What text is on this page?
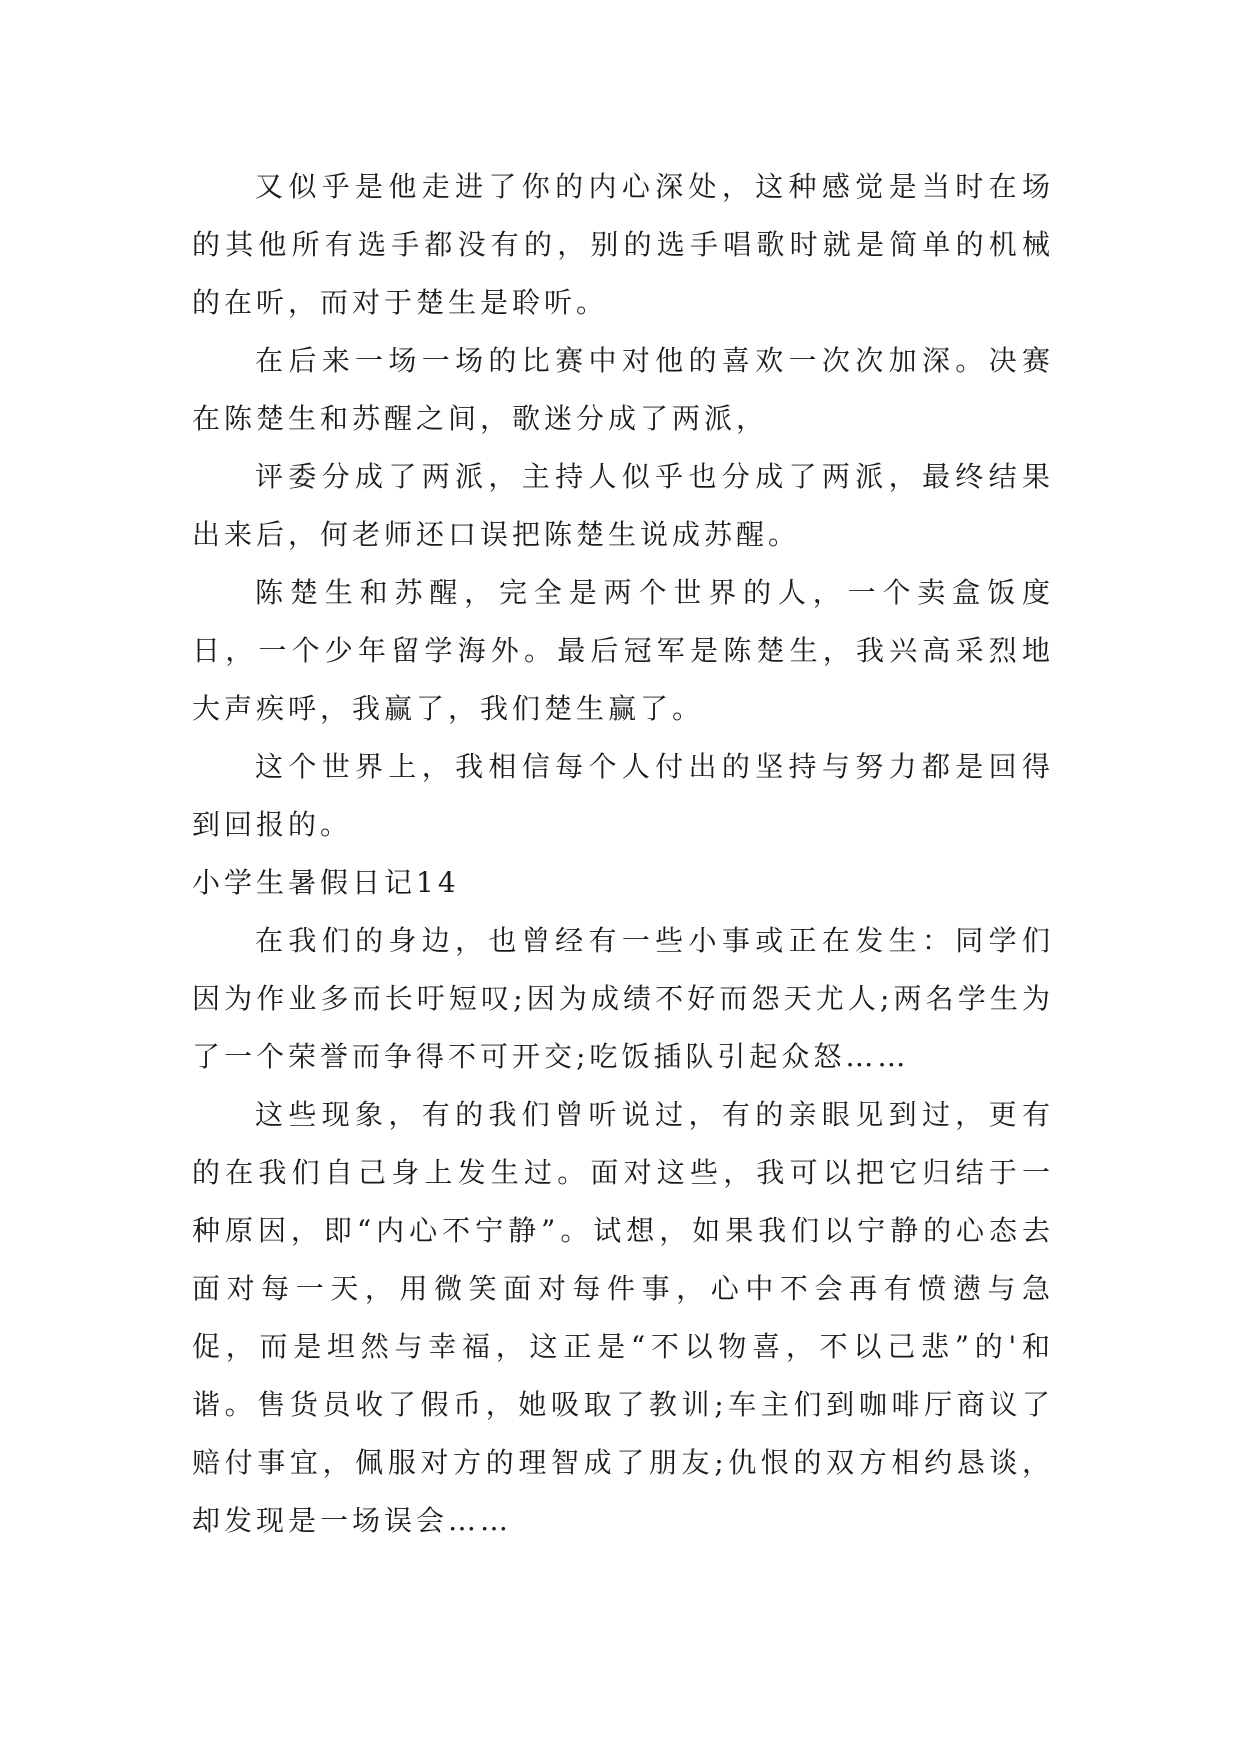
又似乎是他走进了你的内心深处，这种感觉是当时在场的其他所有选手都没有的，别的选手唱歌时就是简单的机械的在听，而对于楚生是聆听。

在后来一场一场的比赛中对他的喜欢一次次加深。决赛在陈楚生和苏醒之间，歌迷分成了两派，

评委分成了两派，主持人似乎也分成了两派，最终结果出来后，何老师还口误把陈楚生说成苏醒。

陈楚生和苏醒，完全是两个世界的人，一个卖盒饭度日，一个少年留学海外。最后冠军是陈楚生，我兴高采烈地大声疾呼，我赢了，我们楚生赢了。

这个世界上，我相信每个人付出的坚持与努力都是回得到回报的。

小学生暑假日记14

在我们的身边，也曾经有一些小事或正在发生：同学们因为作业多而长吁短叹;因为成绩不好而怨天尤人;两名学生为了一个荣誉而争得不可开交;吃饭插队引起众怒……

这些现象，有的我们曾听说过，有的亲眼见到过，更有的在我们自己身上发生过。面对这些，我可以把它归结于一种原因，即“内心不宁静”。试想，如果我们以宁静的心态去面对每一天，用微笑面对每件事，心中不会再有愤懑与急促，而是坦然与幸福，这正是“不以物喜，不以己悲”的'和谐。售货员收了假币，她吸取了教训;车主们到咖啡厅商议了赔付事宜，佩服对方的理智成了朋友;仇恨的双方相约恳谈，却发现是一场误会……
